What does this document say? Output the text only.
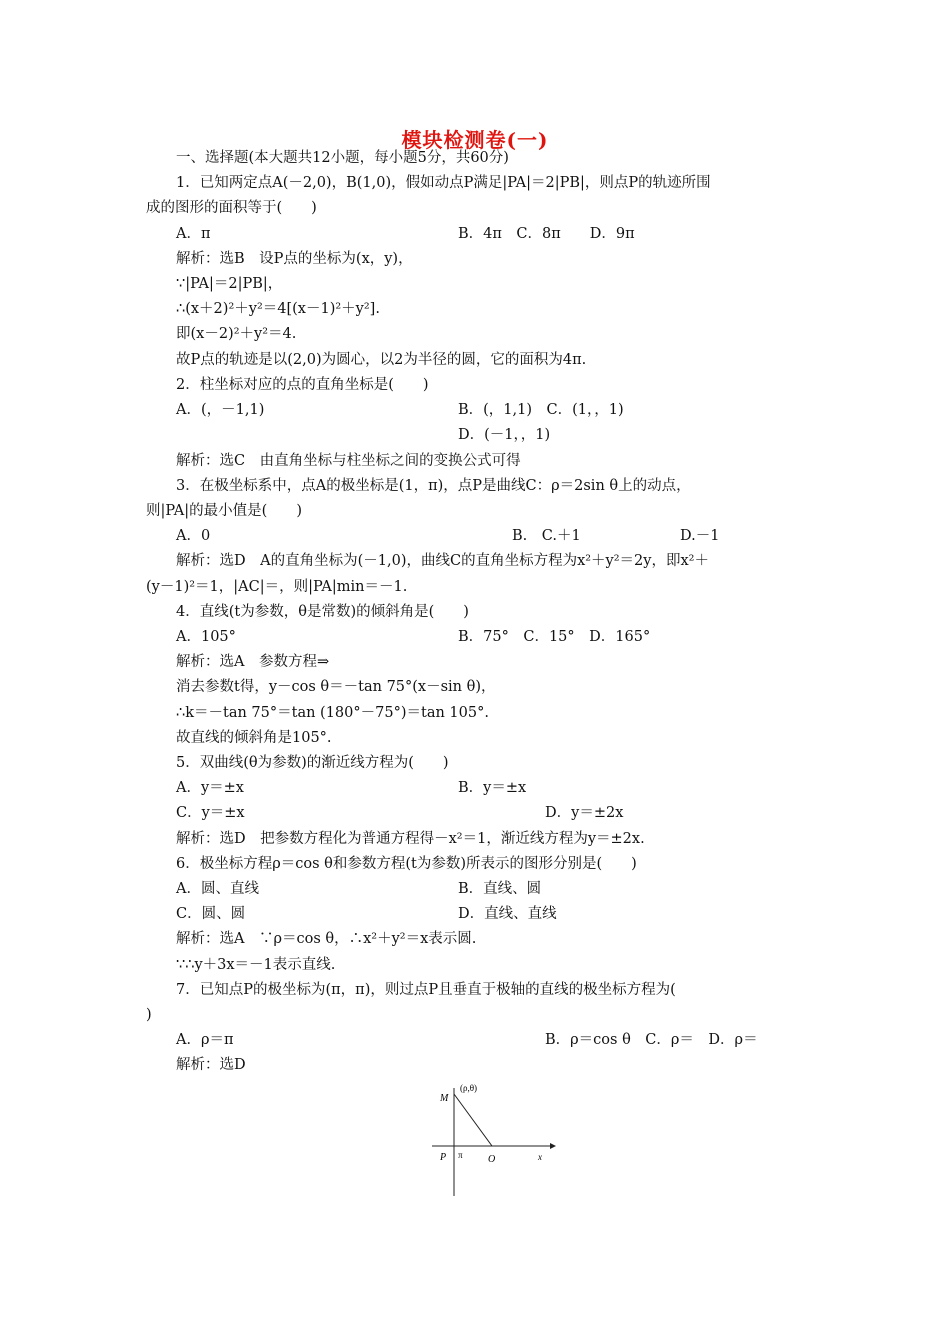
模块检测卷(一)
一、选择题(本大题共12小题，每小题5分，共60分)
1．已知两定点A(－2,0)，B(1,0)，假如动点P满足|PA|＝2|PB|，则点P的轨迹所围
成的图形的面积等于(　　)
A．π	B．4π　C．8π　　D．9π
解析：选B　设P点的坐标为(x，y)，
∵|PA|＝2|PB|，
∴(x＋2)²＋y²＝4[(x－1)²＋y²].
即(x－2)²＋y²＝4.
故P点的轨迹是以(2,0)为圆心，以2为半径的圆，它的面积为4π.
2．柱坐标对应的点的直角坐标是(　　)
A．(，－1,1)	B．(，1,1)　C．(1，，1)
D．(－1，，1)
解析：选C　由直角坐标与柱坐标之间的变换公式可得
3．在极坐标系中，点A的极坐标是(1，π)，点P是曲线C：ρ＝2sin θ上的动点，
则|PA|的最小值是(　　)
A．0	B.　C.＋1	D.－1
解析：选D　A的直角坐标为(－1,0)，曲线C的直角坐标方程为x²＋y²＝2y，即x²＋
(y－1)²＝1，|AC|＝，则|PA|min＝－1.
4．直线(t为参数，θ是常数)的倾斜角是(　　)
A．105°	B．75°　C．15°　D．165°
解析：选A　参数方程⇒
消去参数t得，y－cos θ＝－tan 75°(x－sin θ)，
∴k＝－tan 75°＝tan (180°－75°)＝tan 105°.
故直线的倾斜角是105°.
5．双曲线(θ为参数)的渐近线方程为(　　)
A．y＝±x	B．y＝±x
C．y＝±x	D．y＝±2x
解析：选D　把参数方程化为普通方程得－x²＝1，渐近线方程为y＝±2x.
6．极坐标方程ρ＝cos θ和参数方程(t为参数)所表示的图形分别是(　　)
A．圆、直线	B．直线、圆
C．圆、圆	D．直线、直线
解析：选A　∵ρ＝cos θ，∴x²＋y²＝x表示圆.
∵∴y＋3x＝－1表示直线.
7．已知点P的极坐标为(π，π)，则过点P且垂直于极轴的直线的极坐标方程为(
)
A．ρ＝π	B．ρ＝cos θ　C．ρ＝　D．ρ＝
解析：选D
M
(ρ,θ)
P π	O	x
